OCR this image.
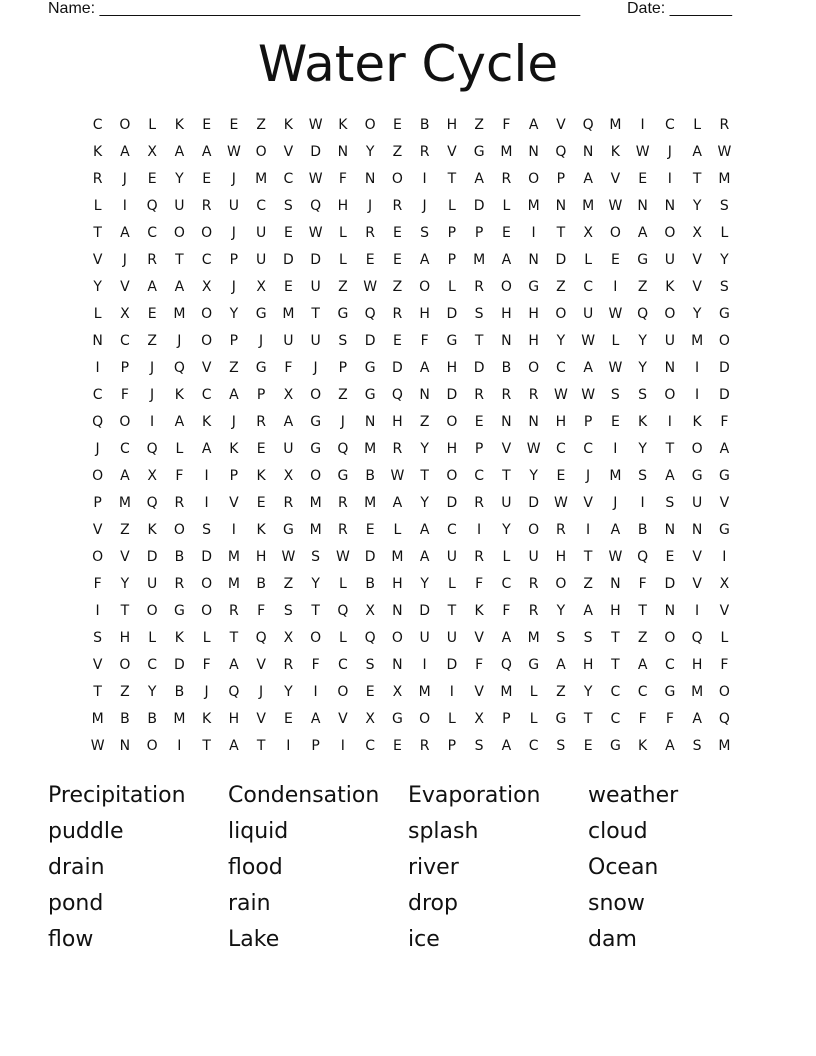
Name: ______________________________________________________	Date: _______
Water Cycle
C	O	L	K	E	E	Z	K	W	K	O	E	B	H	Z	F	A	V	Q	M	I	C	L	R
K	A	X	A	A	W	O	V	D	N	Y	Z	R	V	G	M	N	Q	N	K	W	J	A	W
R	J	E	Y	E	J	M	C	W	F	N	O	I	T	A	R	O	P	A	V	E	I	T	M
L	I	Q	U	R	U	C	S	Q	H	J	R	J	L	D	L	M	N	M	W	N	N	Y	S
T	A	C	O	O	J	U	E	W	L	R	E	S	P	P	E	I	T	X	O	A	O	X	L
V	J	R	T	C	P	U	D	D	L	E	E	A	P	M	A	N	D	L	E	G	U	V	Y
Y	V	A	A	X	J	X	E	U	Z	W	Z	O	L	R	O	G	Z	C	I	Z	K	V	S
L	X	E	M	O	Y	G	M	T	G	Q	R	H	D	S	H	H	O	U	W	Q	O	Y	G
N	C	Z	J	O	P	J	U	U	S	D	E	F	G	T	N	H	Y	W	L	Y	U	M	O
I	P	J	Q	V	Z	G	F	J	P	G	D	A	H	D	B	O	C	A	W	Y	N	I	D
C	F	J	K	C	A	P	X	O	Z	G	Q	N	D	R	R	R	W W	S	S	O	I	D
Q	O	I	A	K	J	R	A	G	J	N	H	Z	O	E	N	N	H	P	E	K	I	K	F
J	C	Q	L	A	K	E	U	G	Q	M	R	Y	H	P	V	W	C	C	I	Y	T	O	A
O	A	X	F	I	P	K	X	O	G	B	W	T	O	C	T	Y	E	J	M	S	A	G	G
P	M	Q	R	I	V	E	R	M	R	M	A	Y	D	R	U	D	W	V	J	I	S	U	V
V	Z	K	O	S	I	K	G	M	R	E	L	A	C	I	Y	O	R	I	A	B	N	N	G
O	V	D	B	D	M	H	W	S	W	D	M	A	U	R	L	U	H	T	W	Q	E	V	I
F	Y	U	R	O	M	B	Z	Y	L	B	H	Y	L	F	C	R	O	Z	N	F	D	V	X
I	T	O	G	O	R	F	S	T	Q	X	N	D	T	K	F	R	Y	A	H	T	N	I	V
S	H	L	K	L	T	Q	X	O	L	Q	O	U	U	V	A	M	S	S	T	Z	O	Q	L
V	O	C	D	F	A	V	R	F	C	S	N	I	D	F	Q	G	A	H	T	A	C	H	F
T	Z	Y	B	J	Q	J	Y	I	O	E	X	M	I	V	M	L	Z	Y	C	C	G	M	O
M	B	B	M	K	H	V	E	A	V	X	G	O	L	X	P	L	G	T	C	F	F	A	Q
W	N	O	I	T	A	T	I	P	I	C	E	R	P	S	A	C	S	E	G	K	A	S	M
Precipitation	Condensation	Evaporation	weather
puddle	liquid	splash	cloud
drain	flood	river	Ocean
pond	rain	drop	snow
flow	Lake	ice	dam
